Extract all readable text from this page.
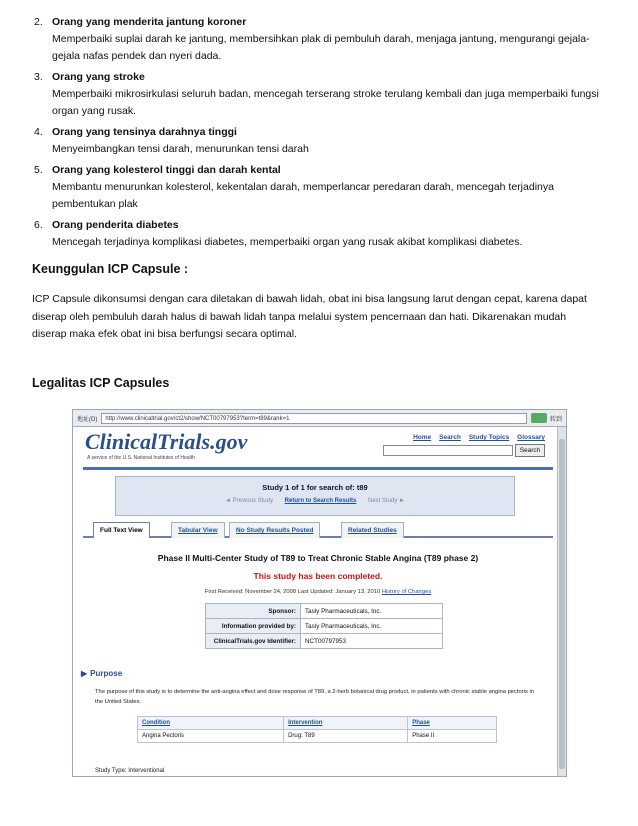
2. Orang yang menderita jantung koroner
Memperbaiki suplai darah ke jantung, membersihkan plak di pembuluh darah, menjaga jantung, mengurangi gejala-gejala nafas pendek dan nyeri dada.
3. Orang yang stroke
Memperbaiki mikrosirkulasi seluruh badan, mencegah terserang stroke terulang kembali dan juga memperbaiki fungsi organ yang rusak.
4. Orang yang tensinya darahnya tinggi
Menyeimbangkan tensi darah, menurunkan tensi darah
5. Orang yang kolesterol tinggi dan darah kental
Membantu menurunkan kolesterol, kekentalan darah, memperlancar peredaran darah, mencegah terjadinya pembentukan plak
6. Orang penderita diabetes
Mencegah terjadinya komplikasi diabetes, memperbaiki organ yang rusak akibat komplikasi diabetes.
Keunggulan ICP Capsule :

ICP Capsule dikonsumsi dengan cara diletakan di bawah lidah, obat ini bisa langsung larut dengan cepat, karena dapat diserap oleh pembuluh darah halus di bawah lidah tanpa melalui system pencernaan dan hati. Dikarenakan mudah diserap maka efek obat ini bisa berfungsi secara optimal.

Legalitas ICP Capsules
地址(D)	http://www.clinicaltrial.gov/ct2/show/NCT00797953?term=t89&rank=1	转到
ClinicalTrials.gov
A service of the U.S. National Institutes of Health
Home Search Study Topics Glossary
Search
Study 1 of 1 for search of: t89
◄ Previous Study Return to Search Results Next Study ►
Full Text View	Tabular View	No Study Results Posted	Related Studies
Phase II Multi-Center Study of T89 to Treat Chronic Stable Angina (T89 phase 2)
This study has been completed.
First Received: November 24, 2008 Last Updated: January 13, 2010 History of Changes
Sponsor:	Tasly Pharmaceuticals, Inc.
Information provided by:	Tasly Pharmaceuticals, Inc.
ClinicalTrials.gov Identifier:	NCT00797953
▶ Purpose
The purpose of this study is to determine the anti-angina effect and dose response of T89, a 2-herb botanical drug product, in patients with chronic stable angina pectoris in the United States.
Condition	Intervention	Phase
Angina Pectoris	Drug: T89	Phase II
Study Type: Interventional
